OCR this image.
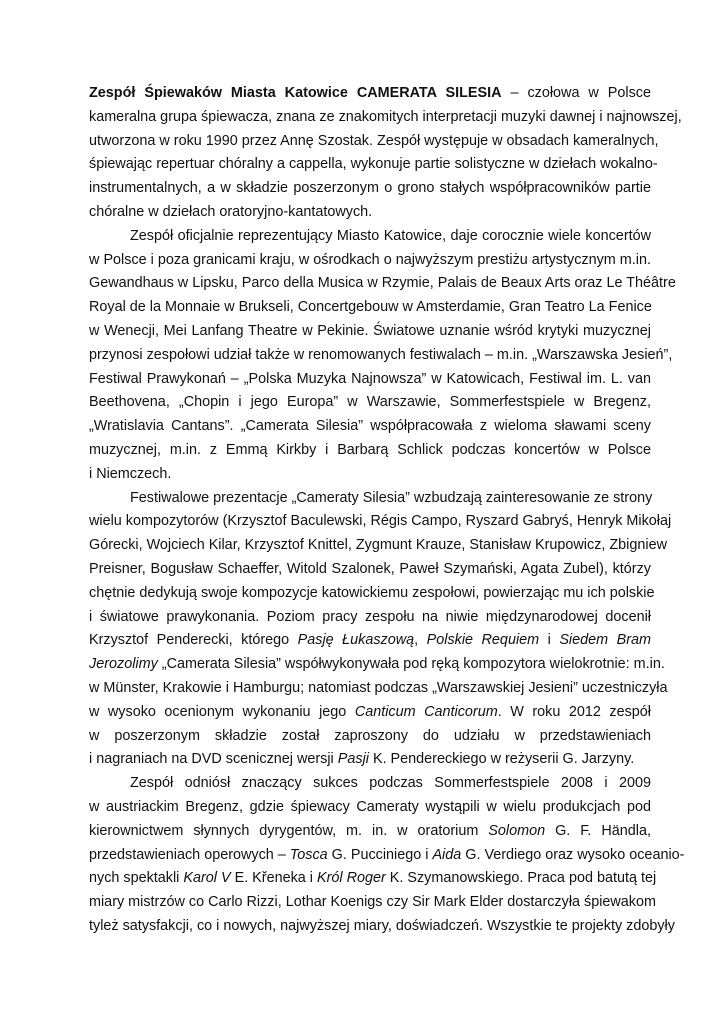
Zespół Śpiewaków Miasta Katowice CAMERATA SILESIA – czołowa w Polsce
kameralna grupa śpiewacza, znana ze znakomitych interpretacji muzyki dawnej i najnowszej,
utworzona w roku 1990 przez Annę Szostak. Zespół występuje w obsadach kameralnych,
śpiewając repertuar chóralny a cappella, wykonuje partie solistyczne w dziełach wokalno-
instrumentalnych, a w składzie poszerzonym o grono stałych współpracowników partie
chóralne w dziełach oratoryjno-kantatowych.
Zespół oficjalnie reprezentujący Miasto Katowice, daje corocznie wiele koncertów
w Polsce i poza granicami kraju, w ośrodkach o najwyższym prestiżu artystycznym m.in.
Gewandhaus w Lipsku, Parco della Musica w Rzymie, Palais de Beaux Arts oraz Le Théâtre
Royal de la Monnaie w Brukseli, Concertgebouw w Amsterdamie, Gran Teatro La Fenice
w Wenecji, Mei Lanfang Theatre w Pekinie. Światowe uznanie wśród krytyki muzycznej
przynosi zespołowi udział także w renomowanych festiwalach – m.in. „Warszawska Jesień”,
Festiwal Prawykonań – „Polska Muzyka Najnowsza” w Katowicach, Festiwal im. L. van
Beethovena, „Chopin i jego Europa” w Warszawie, Sommerfestspiele w Bregenz,
„Wratislavia Cantans”. „Camerata Silesia” współpracowała z wieloma sławami sceny
muzycznej, m.in. z Emmą Kirkby i Barbarą Schlick podczas koncertów w Polsce
i Niemczech.
Festiwalowe prezentacje „Cameraty Silesia” wzbudzają zainteresowanie ze strony
wielu kompozytorów (Krzysztof Baculewski, Régis Campo, Ryszard Gabryś, Henryk Mikołaj
Górecki, Wojciech Kilar, Krzysztof Knittel, Zygmunt Krauze, Stanisław Krupowicz, Zbigniew
Preisner, Bogusław Schaeffer, Witold Szalonek, Paweł Szymański, Agata Zubel), którzy
chętnie dedykują swoje kompozycje katowickiemu zespołowi, powierzając mu ich polskie
i światowe prawykonania. Poziom pracy zespołu na niwie międzynarodowej docenił
Krzysztof Penderecki, którego Pasję Łukaszową, Polskie Requiem i Siedem Bram
Jerozolimy „Camerata Silesia” współwykonywała pod ręką kompozytora wielokrotnie: m.in.
w Münster, Krakowie i Hamburgu; natomiast podczas „Warszawskiej Jesieni” uczestniczyła
w wysoko ocenionym wykonaniu jego Canticum Canticorum. W roku 2012 zespół
w poszerzonym składzie został zaproszony do udziału w przedstawieniach
i nagraniach na DVD scenicznej wersji Pasji K. Pendereckiego w reżyserii G. Jarzyny.
Zespół odniósł znaczący sukces podczas Sommerfestspiele 2008 i 2009
w austriackim Bregenz, gdzie śpiewacy Cameraty wystąpili w wielu produkcjach pod
kierownictwem słynnych dyrygentów, m. in. w oratorium Solomon G. F. Händla,
przedstawieniach operowych – Tosca G. Pucciniego i Aida G. Verdiego oraz wysoko oceanio-
nych spektakli Karol V E. Křeneka i Król Roger K. Szymanowskiego. Praca pod batutą tej
miary mistrzów co Carlo Rizzi, Lothar Koenigs czy Sir Mark Elder dostarczyła śpiewakom
tyleż satysfakcji, co i nowych, najwyższej miary, doświadczeń. Wszystkie te projekty zdobyły
